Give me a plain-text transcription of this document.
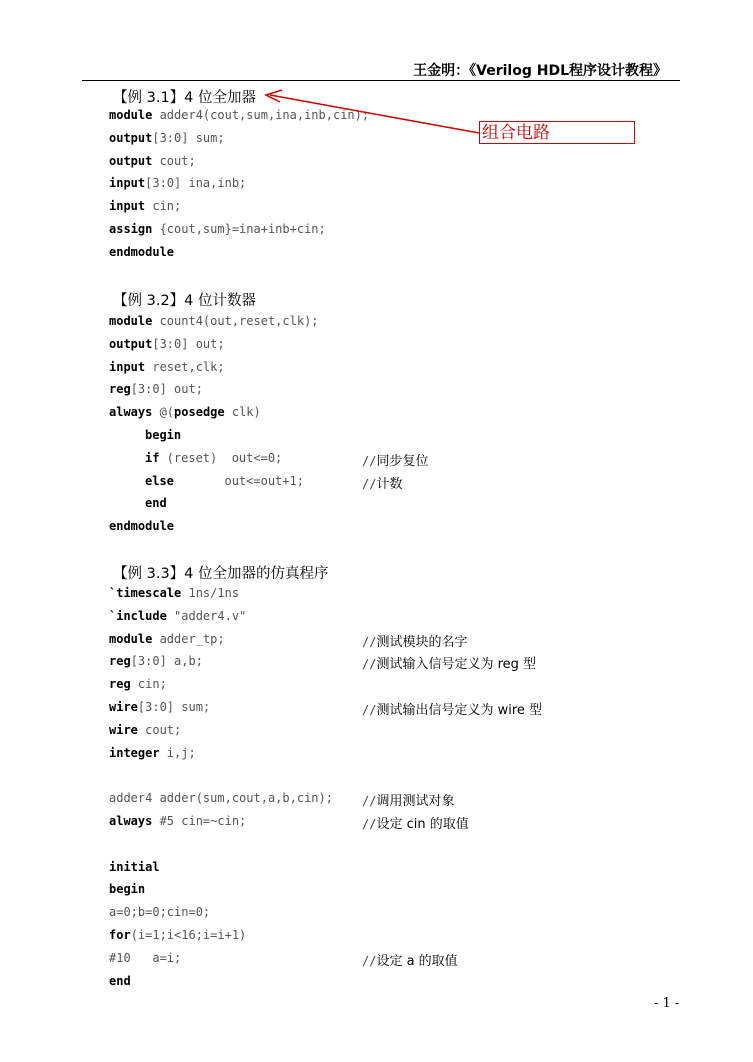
王金明：《Verilog HDL程序设计教程》
【例 3.1】4 位全加器
module adder4(cout,sum,ina,inb,cin);
output[3:0] sum;
output cout;
input[3:0] ina,inb;
input cin;
assign {cout,sum}=ina+inb+cin;
endmodule
【例 3.2】4 位计数器
module count4(out,reset,clk);
output[3:0] out;
input reset,clk;
reg[3:0] out;
always @(posedge clk)
begin
if (reset)  out<=0;
else       out<=out+1;
end
endmodule
【例 3.3】4 位全加器的仿真程序
`timescale 1ns/1ns
`include "adder4.v"
module adder_tp;
reg[3:0] a,b;
reg cin;
wire[3:0] sum;
wire cout;
integer i,j;
adder4 adder(sum,cout,a,b,cin);
always #5 cin=~cin;
initial
begin
a=0;b=0;cin=0;
for(i=1;i<16;i=i+1)
#10   a=i;
end
组合电路
- 1 -
//同步复位
//计数
//测试模块的名字
//测试输入信号定义为 reg 型
//测试输出信号定义为 wire 型
//调用测试对象
//设定 cin 的取值
//设定 a 的取值
